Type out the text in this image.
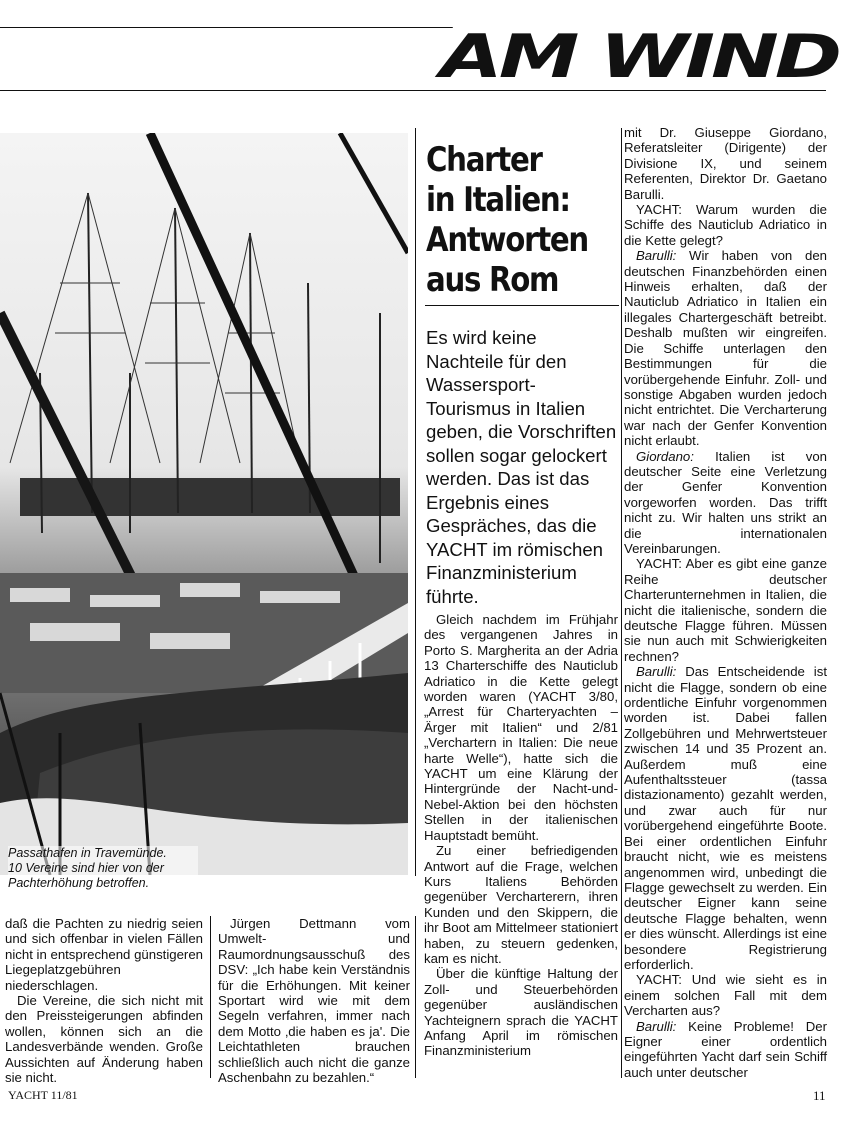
AM WIND
Passathafen in Travemünde.
10 Vereine sind hier von der
Pachterhöhung betroffen.
Charter
in Italien:
Antworten
aus Rom
Es wird keine Nachteile für den Wassersport-Tourismus in Italien geben, die Vorschriften sollen sogar gelockert werden. Das ist das Ergebnis eines Gespräches, das die YACHT im römischen Finanzministerium führte.

daß die Pachten zu niedrig seien und sich offenbar in vielen Fällen nicht in entsprechend günstigeren Liegeplatzgebühren niederschlagen.

Die Vereine, die sich nicht mit den Preissteigerungen abfinden wollen, können sich an die Landesverbände wenden. Große Aussichten auf Änderung haben sie nicht.

Jürgen Dettmann vom Umwelt- und Raumordnungsausschuß des DSV: „Ich habe kein Verständnis für die Erhöhungen. Mit keiner Sportart wird wie mit dem Segeln verfahren, immer nach dem Motto ‚die haben es ja'. Die Leichtathleten brauchen schließlich auch nicht die ganze Aschenbahn zu bezahlen.“

Gleich nachdem im Frühjahr des vergangenen Jahres in Porto S. Margherita an der Adria 13 Charterschiffe des Nauticlub Adriatico in die Kette gelegt worden waren (YACHT 3/80, „Arrest für Charteryachten – Ärger mit Italien“ und 2/81 „Verchartern in Italien: Die neue harte Welle“), hatte sich die YACHT um eine Klärung der Hintergründe der Nacht-und-Nebel-Aktion bei den höchsten Stellen in der italienischen Hauptstadt bemüht.

Zu einer befriedigenden Antwort auf die Frage, welchen Kurs Italiens Behörden gegenüber Vercharterern, ihren Kunden und den Skippern, die ihr Boot am Mittelmeer stationiert haben, zu steuern gedenken, kam es nicht.

Über die künftige Haltung der Zoll- und Steuerbehörden gegenüber ausländischen Yachteignern sprach die YACHT Anfang April im römischen Finanzministerium

mit Dr. Giuseppe Giordano, Referatsleiter (Dirigente) der Divisione IX, und seinem Referenten, Direktor Dr. Gaetano Barulli.

YACHT: Warum wurden die Schiffe des Nauticlub Adriatico in die Kette gelegt?

Barulli: Wir haben von den deutschen Finanzbehörden einen Hinweis erhalten, daß der Nauticlub Adriatico in Italien ein illegales Chartergeschäft betreibt. Deshalb mußten wir eingreifen. Die Schiffe unterlagen den Bestimmungen für die vorübergehende Einfuhr. Zoll- und sonstige Abgaben wurden jedoch nicht entrichtet. Die Vercharterung war nach der Genfer Konvention nicht erlaubt.

Giordano: Italien ist von deutscher Seite eine Verletzung der Genfer Konvention vorgeworfen worden. Das trifft nicht zu. Wir halten uns strikt an die internationalen Vereinbarungen.

YACHT: Aber es gibt eine ganze Reihe deutscher Charterunternehmen in Italien, die nicht die italienische, sondern die deutsche Flagge führen. Müssen sie nun auch mit Schwierigkeiten rechnen?

Barulli: Das Entscheidende ist nicht die Flagge, sondern ob eine ordentliche Einfuhr vorgenommen worden ist. Dabei fallen Zollgebühren und Mehrwertsteuer zwischen 14 und 35 Prozent an. Außerdem muß eine Aufenthaltssteuer (tassa distazionamento) gezahlt werden, und zwar auch für nur vorübergehend eingeführte Boote. Bei einer ordentlichen Einfuhr braucht nicht, wie es meistens angenommen wird, unbedingt die Flagge gewechselt zu werden. Ein deutscher Eigner kann seine deutsche Flagge behalten, wenn er dies wünscht. Allerdings ist eine besondere Registrierung erforderlich.

YACHT: Und wie sieht es in einem solchen Fall mit dem Vercharten aus?

Barulli: Keine Probleme! Der Eigner einer ordentlich eingeführten Yacht darf sein Schiff auch unter deutscher

YACHT 11/81	11
